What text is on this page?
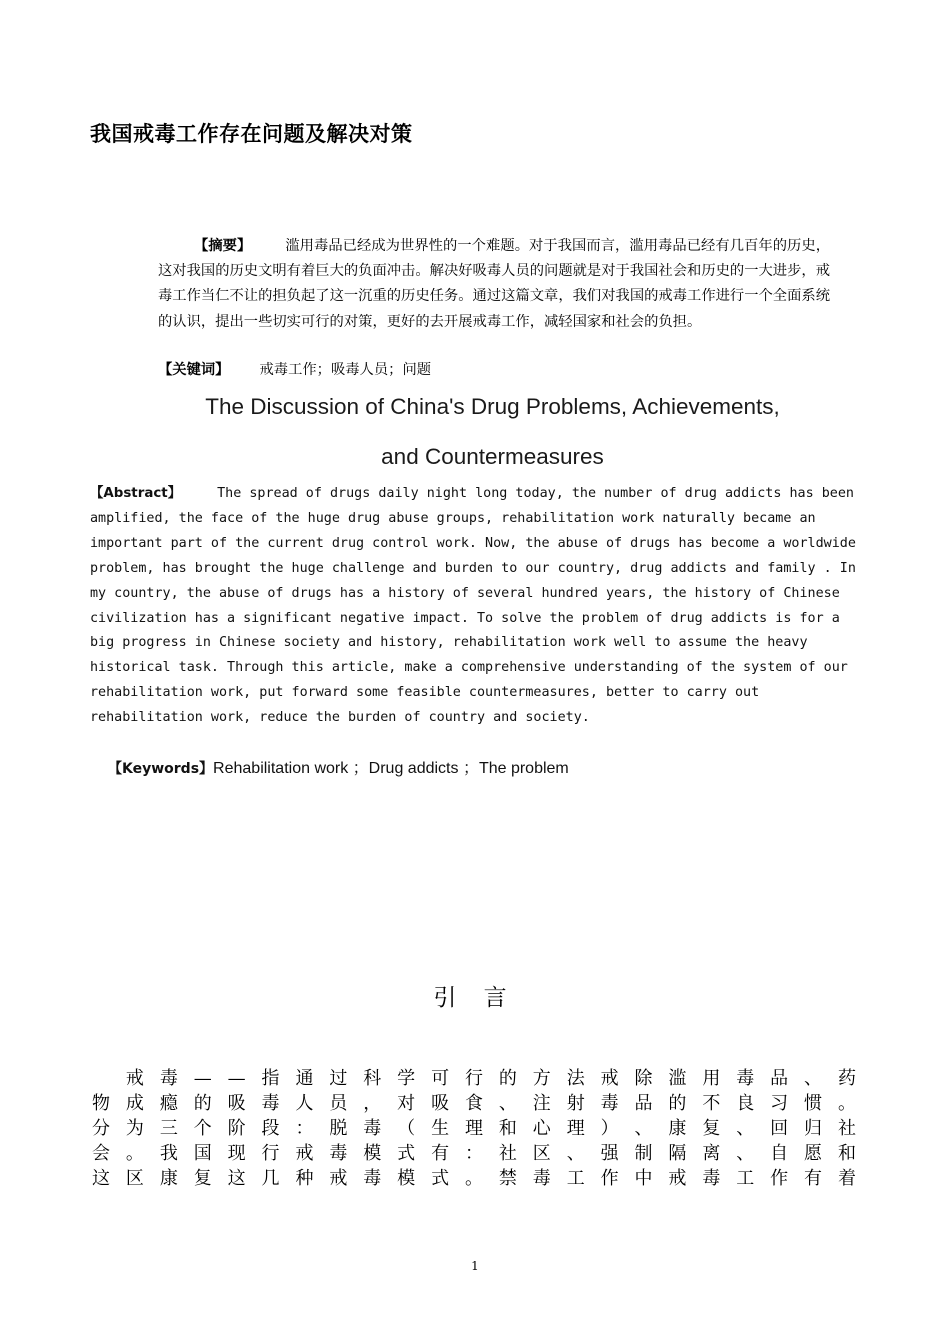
我国戒毒工作存在问题及解决对策
【摘要】 滥用毒品已经成为世界性的一个难题。对于我国而言，滥用毒品已经有几百年的历史，这对我国的历史文明有着巨大的负面冲击。解决好吸毒人员的问题就是对于我国社会和历史的一大进步，戒毒工作当仁不让的担负起了这一沉重的历史任务。通过这篇文章，我们对我国的戒毒工作进行一个全面系统的认识，提出一些切实可行的对策，更好的去开展戒毒工作，减轻国家和社会的负担。
【关键词】 戒毒工作；吸毒人员；问题
The Discussion of China's Drug Problems, Achievements,
and Countermeasures
【Abstract】	The spread of drugs daily night long today, the number of drug addicts has been amplified, the face of the huge drug abuse groups, rehabilitation work naturally became an important part of the current drug control work. Now, the abuse of drugs has become a worldwide problem, has brought the huge challenge and burden to our country, drug addicts and family . In my country, the abuse of drugs has a history of several hundred years, the history of Chinese civilization has a significant negative impact. To solve the problem of drug addicts is for a big progress in Chinese society and history, rehabilitation work well to assume the heavy historical task. Through this article, make a comprehensive understanding of the system of our rehabilitation work, put forward some feasible countermeasures, better to carry out rehabilitation work, reduce the burden of country and society.
【Keywords】Rehabilitation work ；Drug addicts ；The problem
引 言

戒 毒 — — 指 通 过 科 学 可 行 的 方 法 戒 除 滥 用 毒 品 、 药
物 成 瘾 的 吸 毒 人 员 ， 对 吸 食 、 注 射 毒 品 的 不 良 习 惯 。
分 为 三 个 阶 段 ： 脱 毒 （ 生 理 和 心 理 ） 、 康 复 、 回 归 社
会 。 我 国 现 行 戒 毒 模 式 有 ： 社 区 、 强 制 隔 离 、 自 愿 和
这 区 康 复 这 几 种 戒 毒 模 式 。 禁 毒 工 作 中 戒 毒 工 作 有 着
1
